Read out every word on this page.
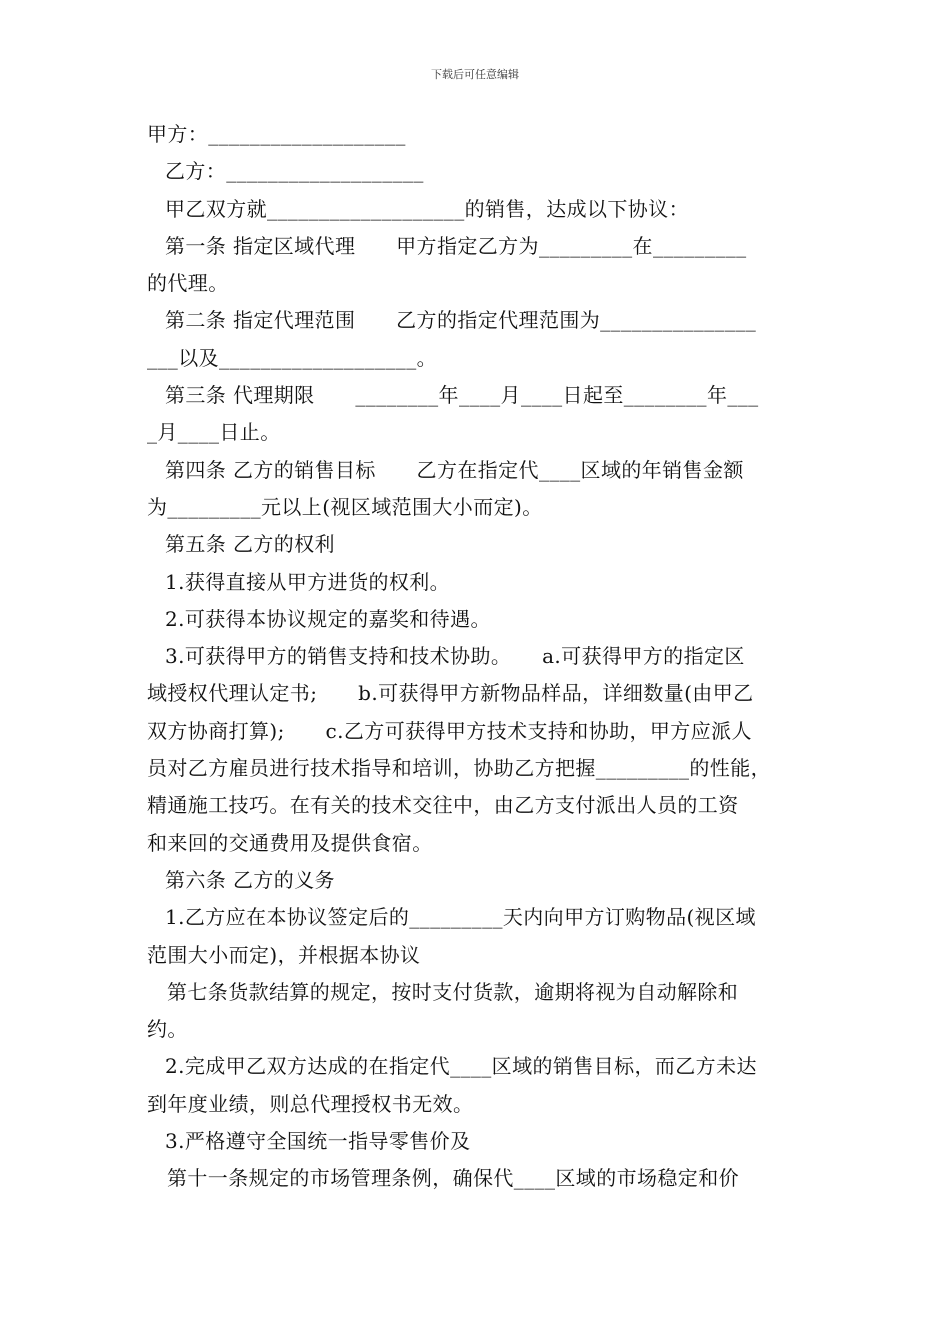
下载后可任意编辑
甲方：___________________
乙方：___________________
甲乙双方就___________________的销售，达成以下协议：
第一条 指定区域代理　　甲方指定乙方为_________在_________
的代理。
第二条 指定代理范围　　乙方的指定代理范围为_______________
___以及___________________。
第三条 代理期限　　________年____月____日起至________年___
_月____日止。
第四条 乙方的销售目标　　乙方在指定代____区域的年销售金额
为_________元以上(视区域范围大小而定)。
第五条 乙方的权利
1.获得直接从甲方进货的权利。
2.可获得本协议规定的嘉奖和待遇。
3.可获得甲方的销售支持和技术协助。　　a.可获得甲方的指定区
域授权代理认定书;　　b.可获得甲方新物品样品，详细数量(由甲乙
双方协商打算);　　c.乙方可获得甲方技术支持和协助，甲方应派人
员对乙方雇员进行技术指导和培训，协助乙方把握_________的性能，
精通施工技巧。在有关的技术交往中，由乙方支付派出人员的工资
和来回的交通费用及提供食宿。
第六条 乙方的义务
1.乙方应在本协议签定后的_________天内向甲方订购物品(视区域
范围大小而定)，并根据本协议
第七条货款结算的规定，按时支付货款，逾期将视为自动解除和
约。
2.完成甲乙双方达成的在指定代____区域的销售目标，而乙方未达
到年度业绩，则总代理授权书无效。
3.严格遵守全国统一指导零售价及
第十一条规定的市场管理条例，确保代____区域的市场稳定和价
